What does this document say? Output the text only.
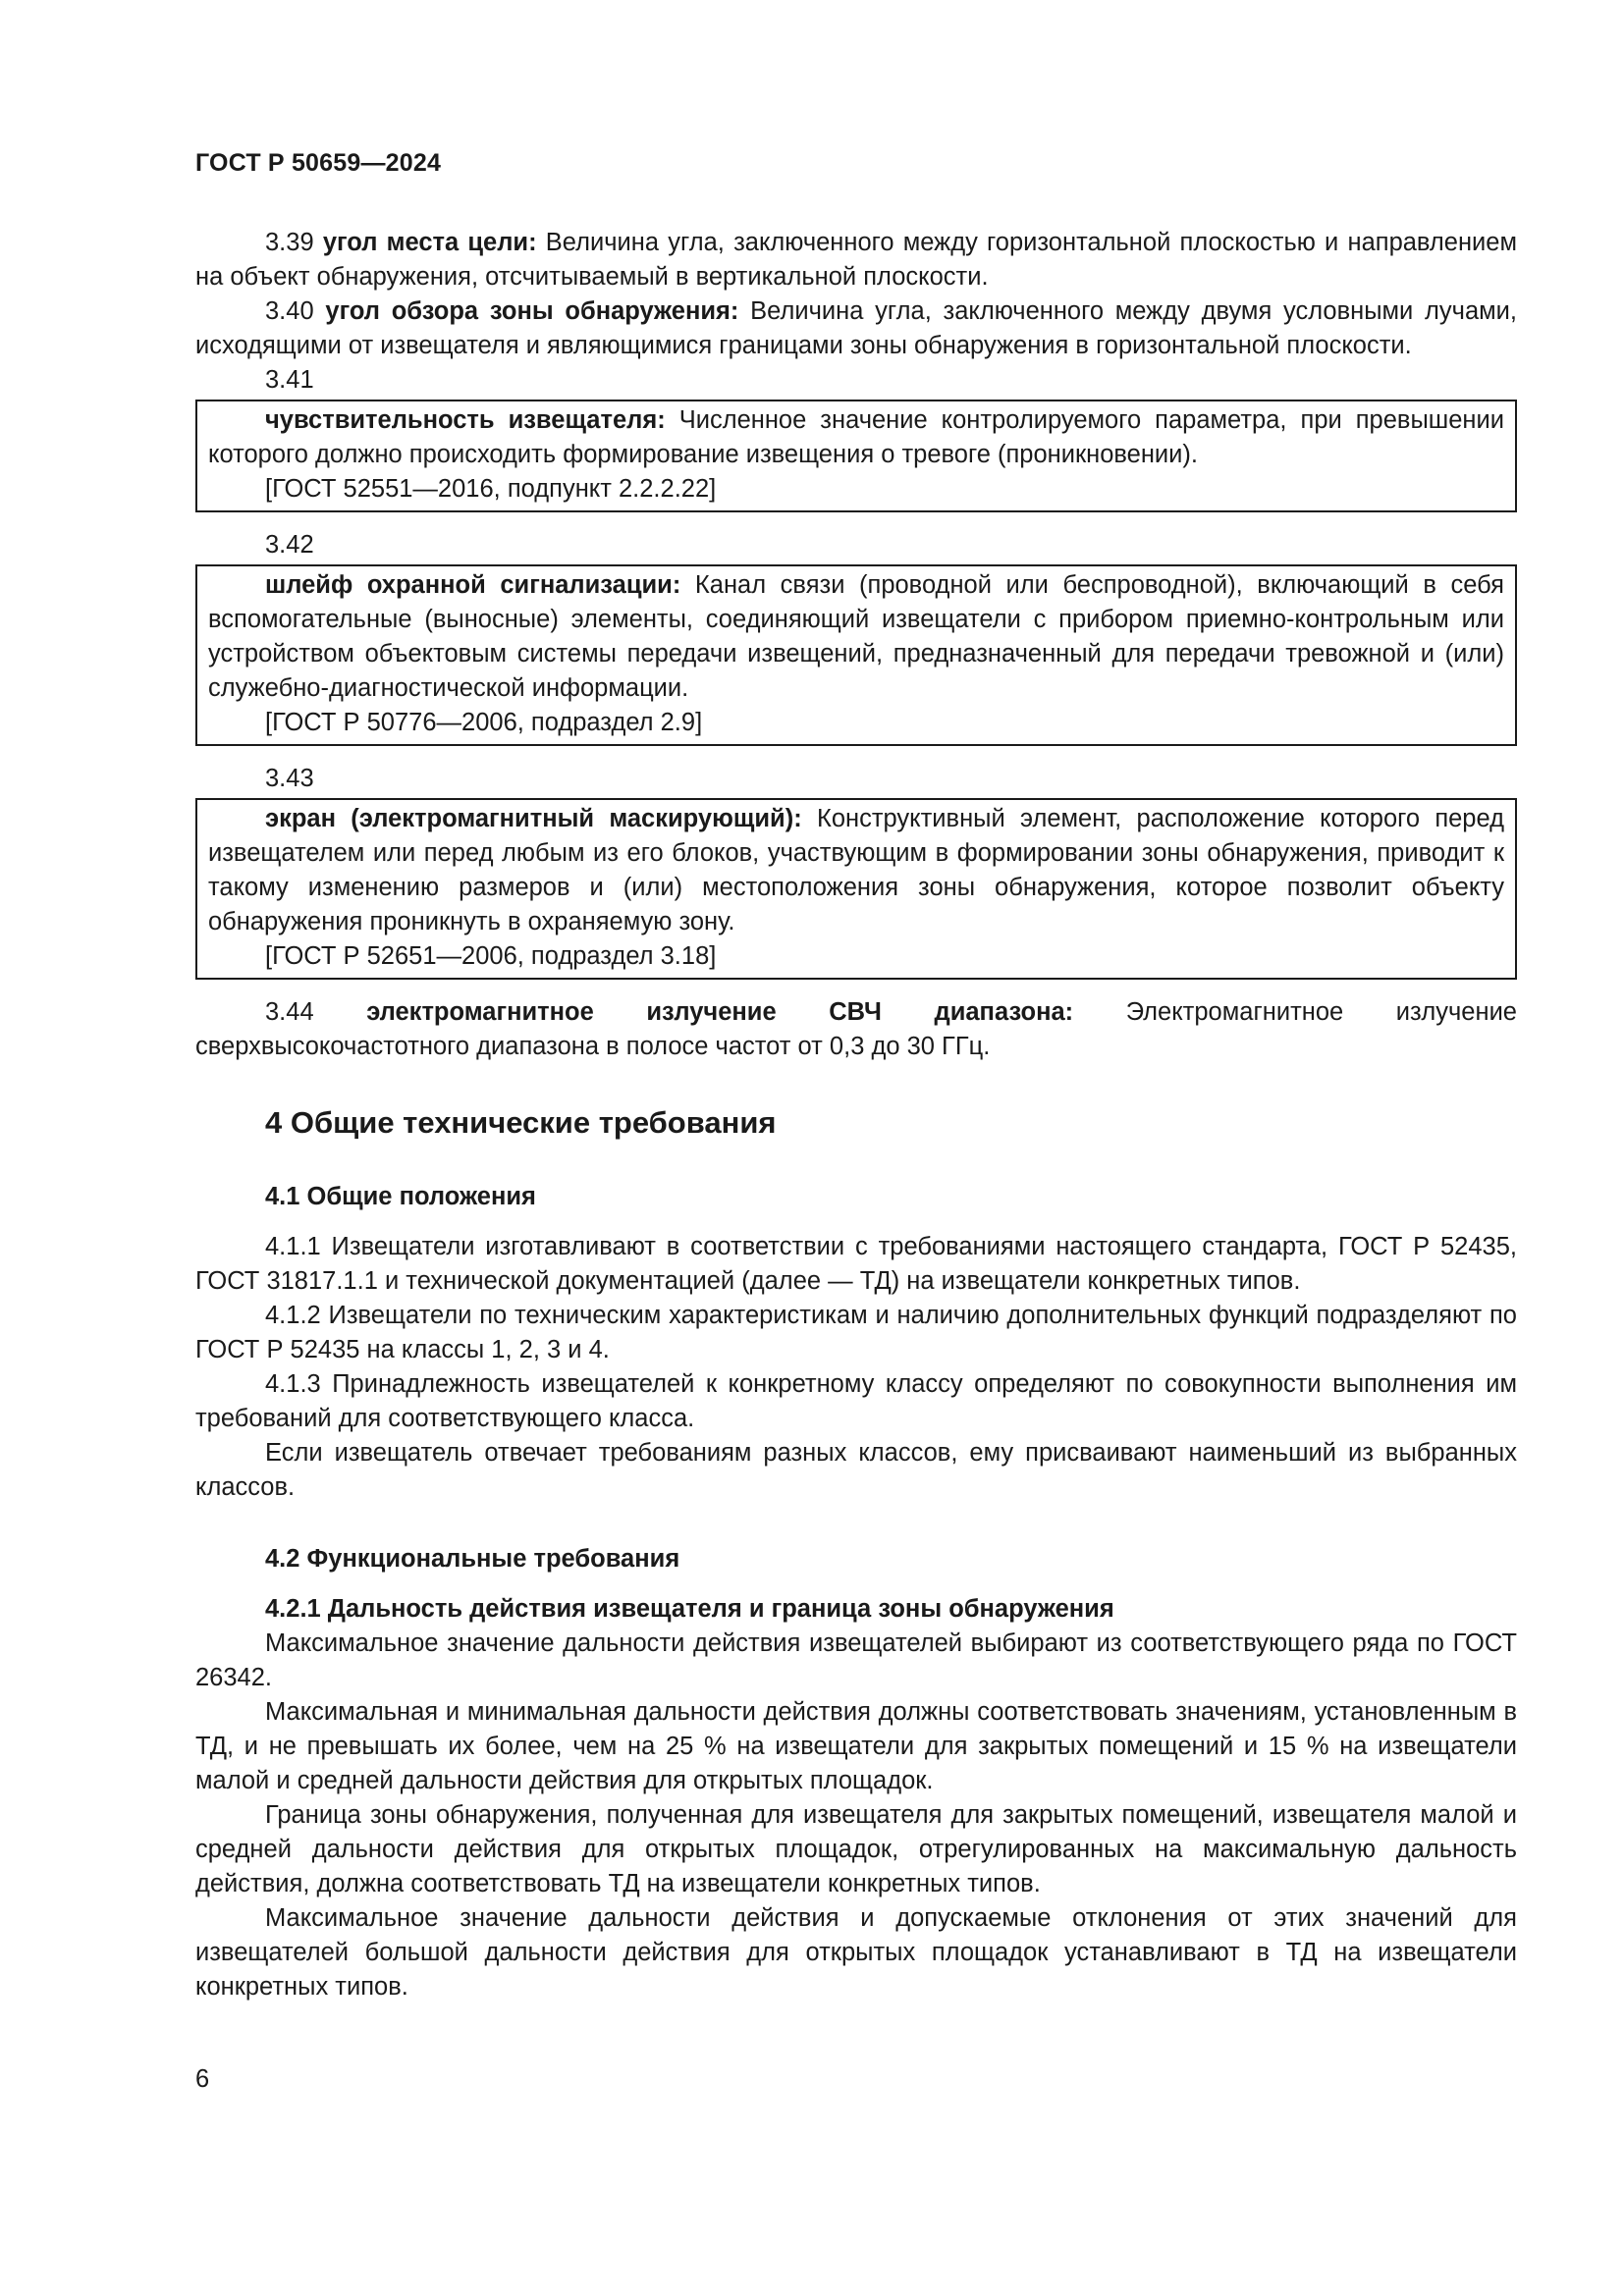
ГОСТ Р 50659—2024

3.39 угол места цели: Величина угла, заключенного между горизонтальной плоскостью и направлением на объект обнаружения, отсчитываемый в вертикальной плоскости.

3.40 угол обзора зоны обнаружения: Величина угла, заключенного между двумя условными лучами, исходящими от извещателя и являющимися границами зоны обнаружения в горизонтальной плоскости.

3.41

чувствительность извещателя: Численное значение контролируемого параметра, при превышении которого должно происходить формирование извещения о тревоге (проникновении).

[ГОСТ 52551—2016, подпункт 2.2.2.22]

3.42

шлейф охранной сигнализации: Канал связи (проводной или беспроводной), включающий в себя вспомогательные (выносные) элементы, соединяющий извещатели с прибором приемно-контрольным или устройством объектовым системы передачи извещений, предназначенный для передачи тревожной и (или) служебно-диагностической информации.

[ГОСТ Р 50776—2006, подраздел 2.9]

3.43

экран (электромагнитный маскирующий): Конструктивный элемент, расположение которого перед извещателем или перед любым из его блоков, участвующим в формировании зоны обнаружения, приводит к такому изменению размеров и (или) местоположения зоны обнаружения, которое позволит объекту обнаружения проникнуть в охраняемую зону.

[ГОСТ Р 52651—2006, подраздел 3.18]

3.44 электромагнитное излучение СВЧ диапазона: Электромагнитное излучение сверхвысокочастотного диапазона в полосе частот от 0,3 до 30 ГГц.

4 Общие технические требования
4.1 Общие положения

4.1.1 Извещатели изготавливают в соответствии с требованиями настоящего стандарта, ГОСТ Р 52435, ГОСТ 31817.1.1 и технической документацией (далее — ТД) на извещатели конкретных типов.

4.1.2 Извещатели по техническим характеристикам и наличию дополнительных функций подразделяют по ГОСТ Р 52435 на классы 1, 2, 3 и 4.

4.1.3 Принадлежность извещателей к конкретному классу определяют по совокупности выполнения им требований для соответствующего класса.

Если извещатель отвечает требованиям разных классов, ему присваивают наименьший из выбранных классов.

4.2 Функциональные требования
4.2.1 Дальность действия извещателя и граница зоны обнаружения

Максимальное значение дальности действия извещателей выбирают из соответствующего ряда по ГОСТ 26342.

Максимальная и минимальная дальности действия должны соответствовать значениям, установленным в ТД, и не превышать их более, чем на 25 % на извещатели для закрытых помещений и 15 % на извещатели малой и средней дальности действия для открытых площадок.

Граница зоны обнаружения, полученная для извещателя для закрытых помещений, извещателя малой и средней дальности действия для открытых площадок, отрегулированных на максимальную дальность действия, должна соответствовать ТД на извещатели конкретных типов.

Максимальное значение дальности действия и допускаемые отклонения от этих значений для извещателей большой дальности действия для открытых площадок устанавливают в ТД на извещатели конкретных типов.

6
